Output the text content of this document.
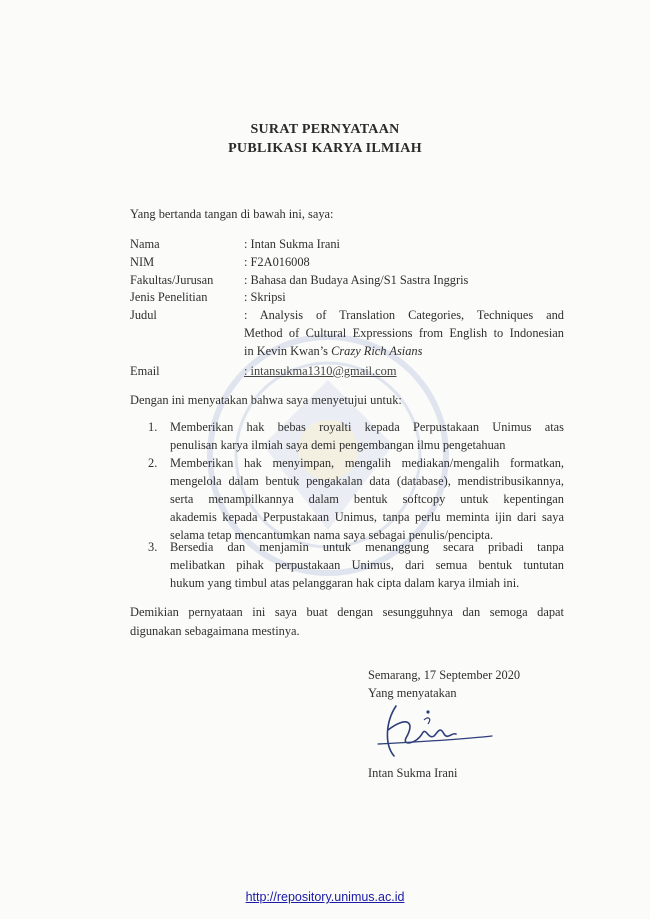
SURAT PERNYATAAN
PUBLIKASI KARYA ILMIAH
Yang bertanda tangan di bawah ini, saya:
Nama	: Intan Sukma Irani
NIM	: F2A016008
Fakultas/Jurusan : Bahasa dan Budaya Asing/S1 Sastra Inggris
Jenis Penelitian	: Skripsi
Judul	: Analysis of Translation Categories, Techniques and
Method of Cultural Expressions from English to Indonesian
in Kevin Kwan’s Crazy Rich Asians
Email	: intansukma1310@gmail.com
Dengan ini menyatakan bahwa saya menyetujui untuk:
1. Memberikan hak bebas royalti kepada Perpustakaan Unimus atas
penulisan karya ilmiah saya demi pengembangan ilmu pengetahuan
2. Memberikan hak menyimpan, mengalih mediakan/mengalih formatkan,
mengelola dalam bentuk pengakalan data (database), mendistribusikannya,
serta menampilkannya dalam bentuk softcopy untuk kepentingan
akademis kepada Perpustakaan Unimus, tanpa perlu meminta ijin dari saya
selama tetap mencantumkan nama saya sebagai penulis/pencipta.
3. Bersedia dan menjamin untuk menanggung secara pribadi tanpa
melibatkan pihak perpustakaan Unimus, dari semua bentuk tuntutan
hukum yang timbul atas pelanggaran hak cipta dalam karya ilmiah ini.
Demikian pernyataan ini saya buat dengan sesungguhnya dan semoga dapat
digunakan sebagaimana mestinya.
Semarang, 17 September 2020
Yang menyatakan
Intan Sukma Irani
http://repository.unimus.ac.id
